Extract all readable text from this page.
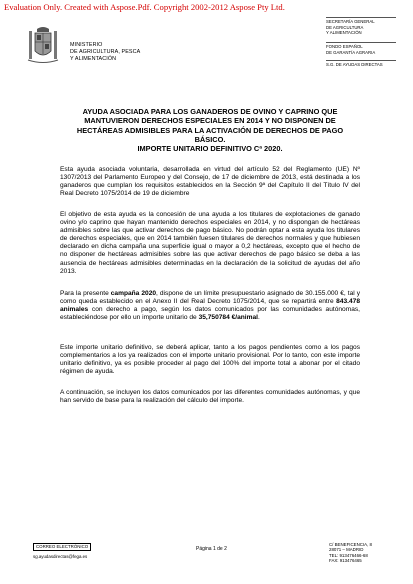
Evaluation Only. Created with Aspose.Pdf. Copyright 2002-2012 Aspose Pty Ltd.
MINISTERIO
DE AGRICULTURA, PESCA
Y ALIMENTACIÓN
SECRETARÍA GENERAL
DE AGRICULTURA
Y ALIMENTACIÓN
FONDO ESPAÑOL
DE GARANTÍA AGRARIA
S.G. DE AYUDAS DIRECTAS
AYUDA ASOCIADA PARA LOS GANADEROS DE OVINO Y CAPRINO QUE
MANTUVIERON DERECHOS ESPECIALES EN 2014 Y NO DISPONEN DE
HECTÁREAS ADMISIBLES PARA LA ACTIVACIÓN DE DERECHOS DE PAGO
BÁSICO.
IMPORTE UNITARIO DEFINITIVO Cª 2020.
Esta ayuda asociada voluntaria, desarrollada en virtud del artículo 52 del Reglamento (UE) Nº 1307/2013 del Parlamento Europeo y del Consejo, de 17 de diciembre de 2013, está destinada a los ganaderos que cumplan los requisitos establecidos en la Sección 9ª del Capítulo II del Título IV del Real Decreto 1075/2014 de 19 de diciembre
El objetivo de esta ayuda es la concesión de una ayuda a los titulares de explotaciones de ganado ovino y/o caprino que hayan mantenido derechos especiales en 2014, y no dispongan de hectáreas admisibles sobre las que activar derechos de pago básico. No podrán optar a esta ayuda los titulares de derechos especiales, que en 2014 también fuesen titulares de derechos normales y que hubiesen declarado en dicha campaña una superficie igual o mayor a 0,2 hectáreas, excepto que el hecho de no disponer de hectáreas admisibles sobre las que activar derechos de pago básico se deba a las ausencia de hectáreas admisibles determinadas en la declaración de la solicitud de ayudas del año 2013.
Para la presente campaña 2020, dispone de un límite presupuestario asignado de 30.155.000 €, tal y como queda establecido en el Anexo II del Real Decreto 1075/2014, que se repartirá entre 843.478 animales con derecho a pago, según los datos comunicados por las comunidades autónomas, estableciéndose por ello un importe unitario de 35,750784 €/animal.
Este importe unitario definitivo, se deberá aplicar, tanto a los pagos pendientes como a los pagos complementarios a los ya realizados con el importe unitario provisional. Por lo tanto, con este importe unitario definitivo, ya es posible proceder al pago del 100% del importe total a abonar por el citado régimen de ayuda.
A continuación, se incluyen los datos comunicados por las diferentes comunidades autónomas, y que han servido de base para la realización del cálculo del importe.
CORREO ELECTRÓNICO
sg.ayudasdirectas@fega.es
Página 1 de 2
C/ BENEFICENCIA, 8
28071 – MADRID
TEL: 913476466-68
FAX: 913476465
